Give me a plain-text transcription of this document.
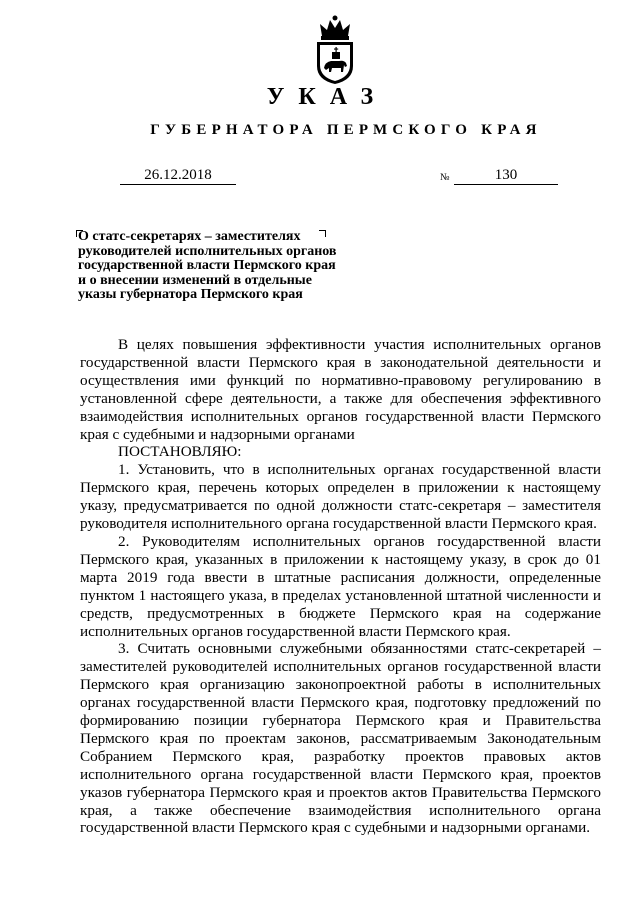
УКАЗ
ГУБЕРНАТОРА ПЕРМСКОГО КРАЯ
26.12.2018	№	130
О статс-секретарях – заместителях руководителей исполнительных органов государственной власти Пермского края и о внесении изменений в отдельные указы губернатора Пермского края

В целях повышения эффективности участия исполнительных органов государственной власти Пермского края в законодательной деятельности и осуществления ими функций по нормативно-правовому регулированию в установленной сфере деятельности, а также для обеспечения эффективного взаимодействия исполнительных органов государственной власти Пермского края с судебными и надзорными органами

ПОСТАНОВЛЯЮ:

1. Установить, что в исполнительных органах государственной власти Пермского края, перечень которых определен в приложении к настоящему указу, предусматривается по одной должности статс-секретаря – заместителя руководителя исполнительного органа государственной власти Пермского края.

2. Руководителям исполнительных органов государственной власти Пермского края, указанных в приложении к настоящему указу, в срок до 01 марта 2019 года ввести в штатные расписания должности, определенные пунктом 1 настоящего указа, в пределах установленной штатной численности и средств, предусмотренных в бюджете Пермского края на содержание исполнительных органов государственной власти Пермского края.

3. Считать основными служебными обязанностями статс-секретарей – заместителей руководителей исполнительных органов государственной власти Пермского края организацию законопроектной работы в исполнительных органах государственной власти Пермского края, подготовку предложений по формированию позиции губернатора Пермского края и Правительства Пермского края по проектам законов, рассматриваемым Законодательным Собранием Пермского края, разработку проектов правовых актов исполнительного органа государственной власти Пермского края, проектов указов губернатора Пермского края и проектов актов Правительства Пермского края, а также обеспечение взаимодействия исполнительного органа государственной власти Пермского края с судебными и надзорными органами.
